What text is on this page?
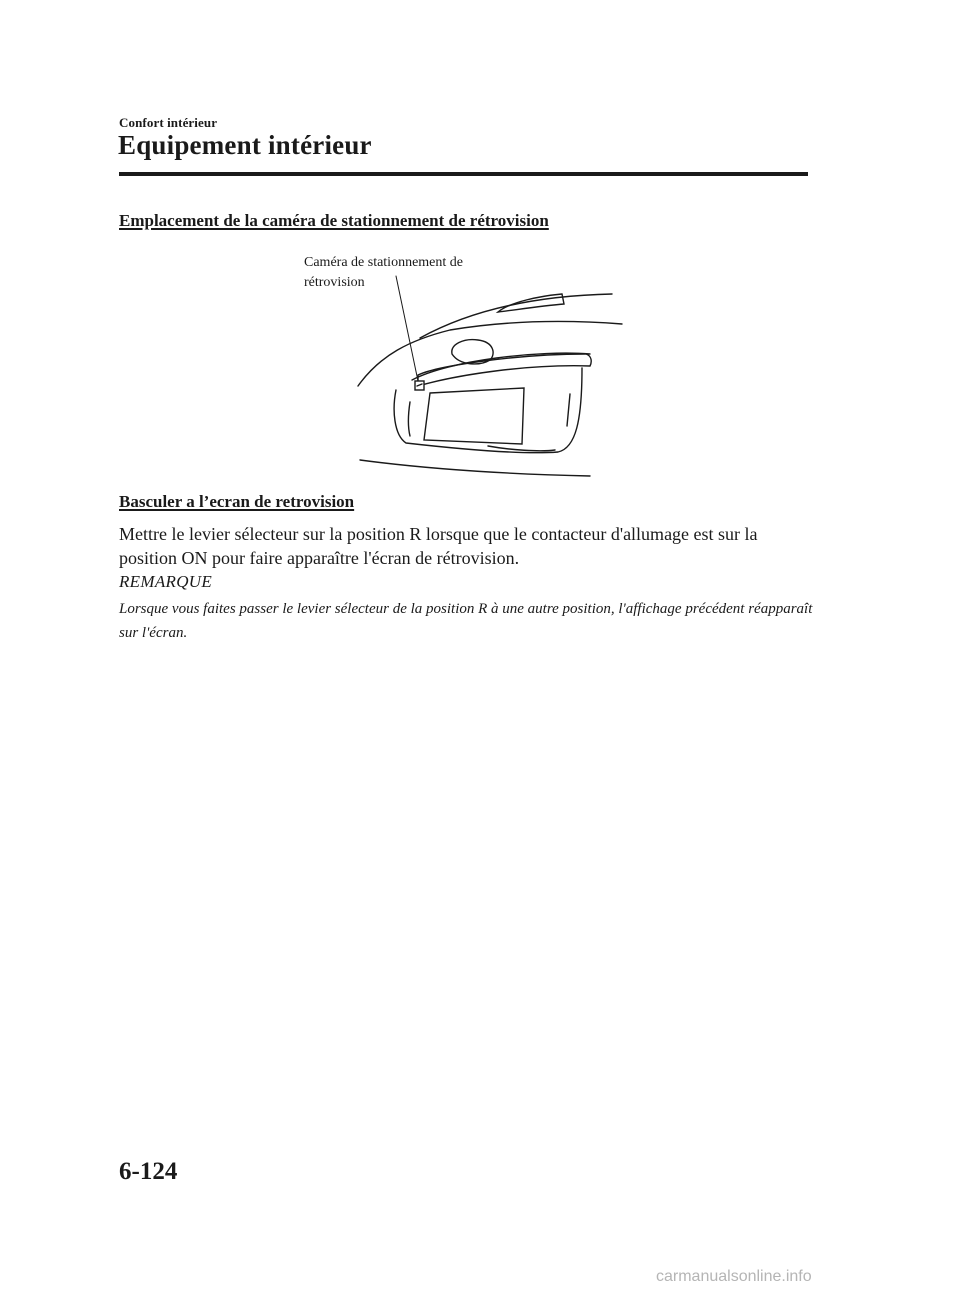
Confort intérieur
Equipement intérieur
Emplacement de la caméra de stationnement de rétrovision
Caméra de stationnement de
rétrovision
Basculer a l’ecran de retrovision
Mettre le levier sélecteur sur la position R lorsque que le contacteur d'allumage est sur la position ON pour faire apparaître l'écran de rétrovision.
REMARQUE
Lorsque vous faites passer le levier sélecteur de la position R à une autre position, l'affichage précédent réapparaît sur l'écran.
6-124
carmanualsonline.info
